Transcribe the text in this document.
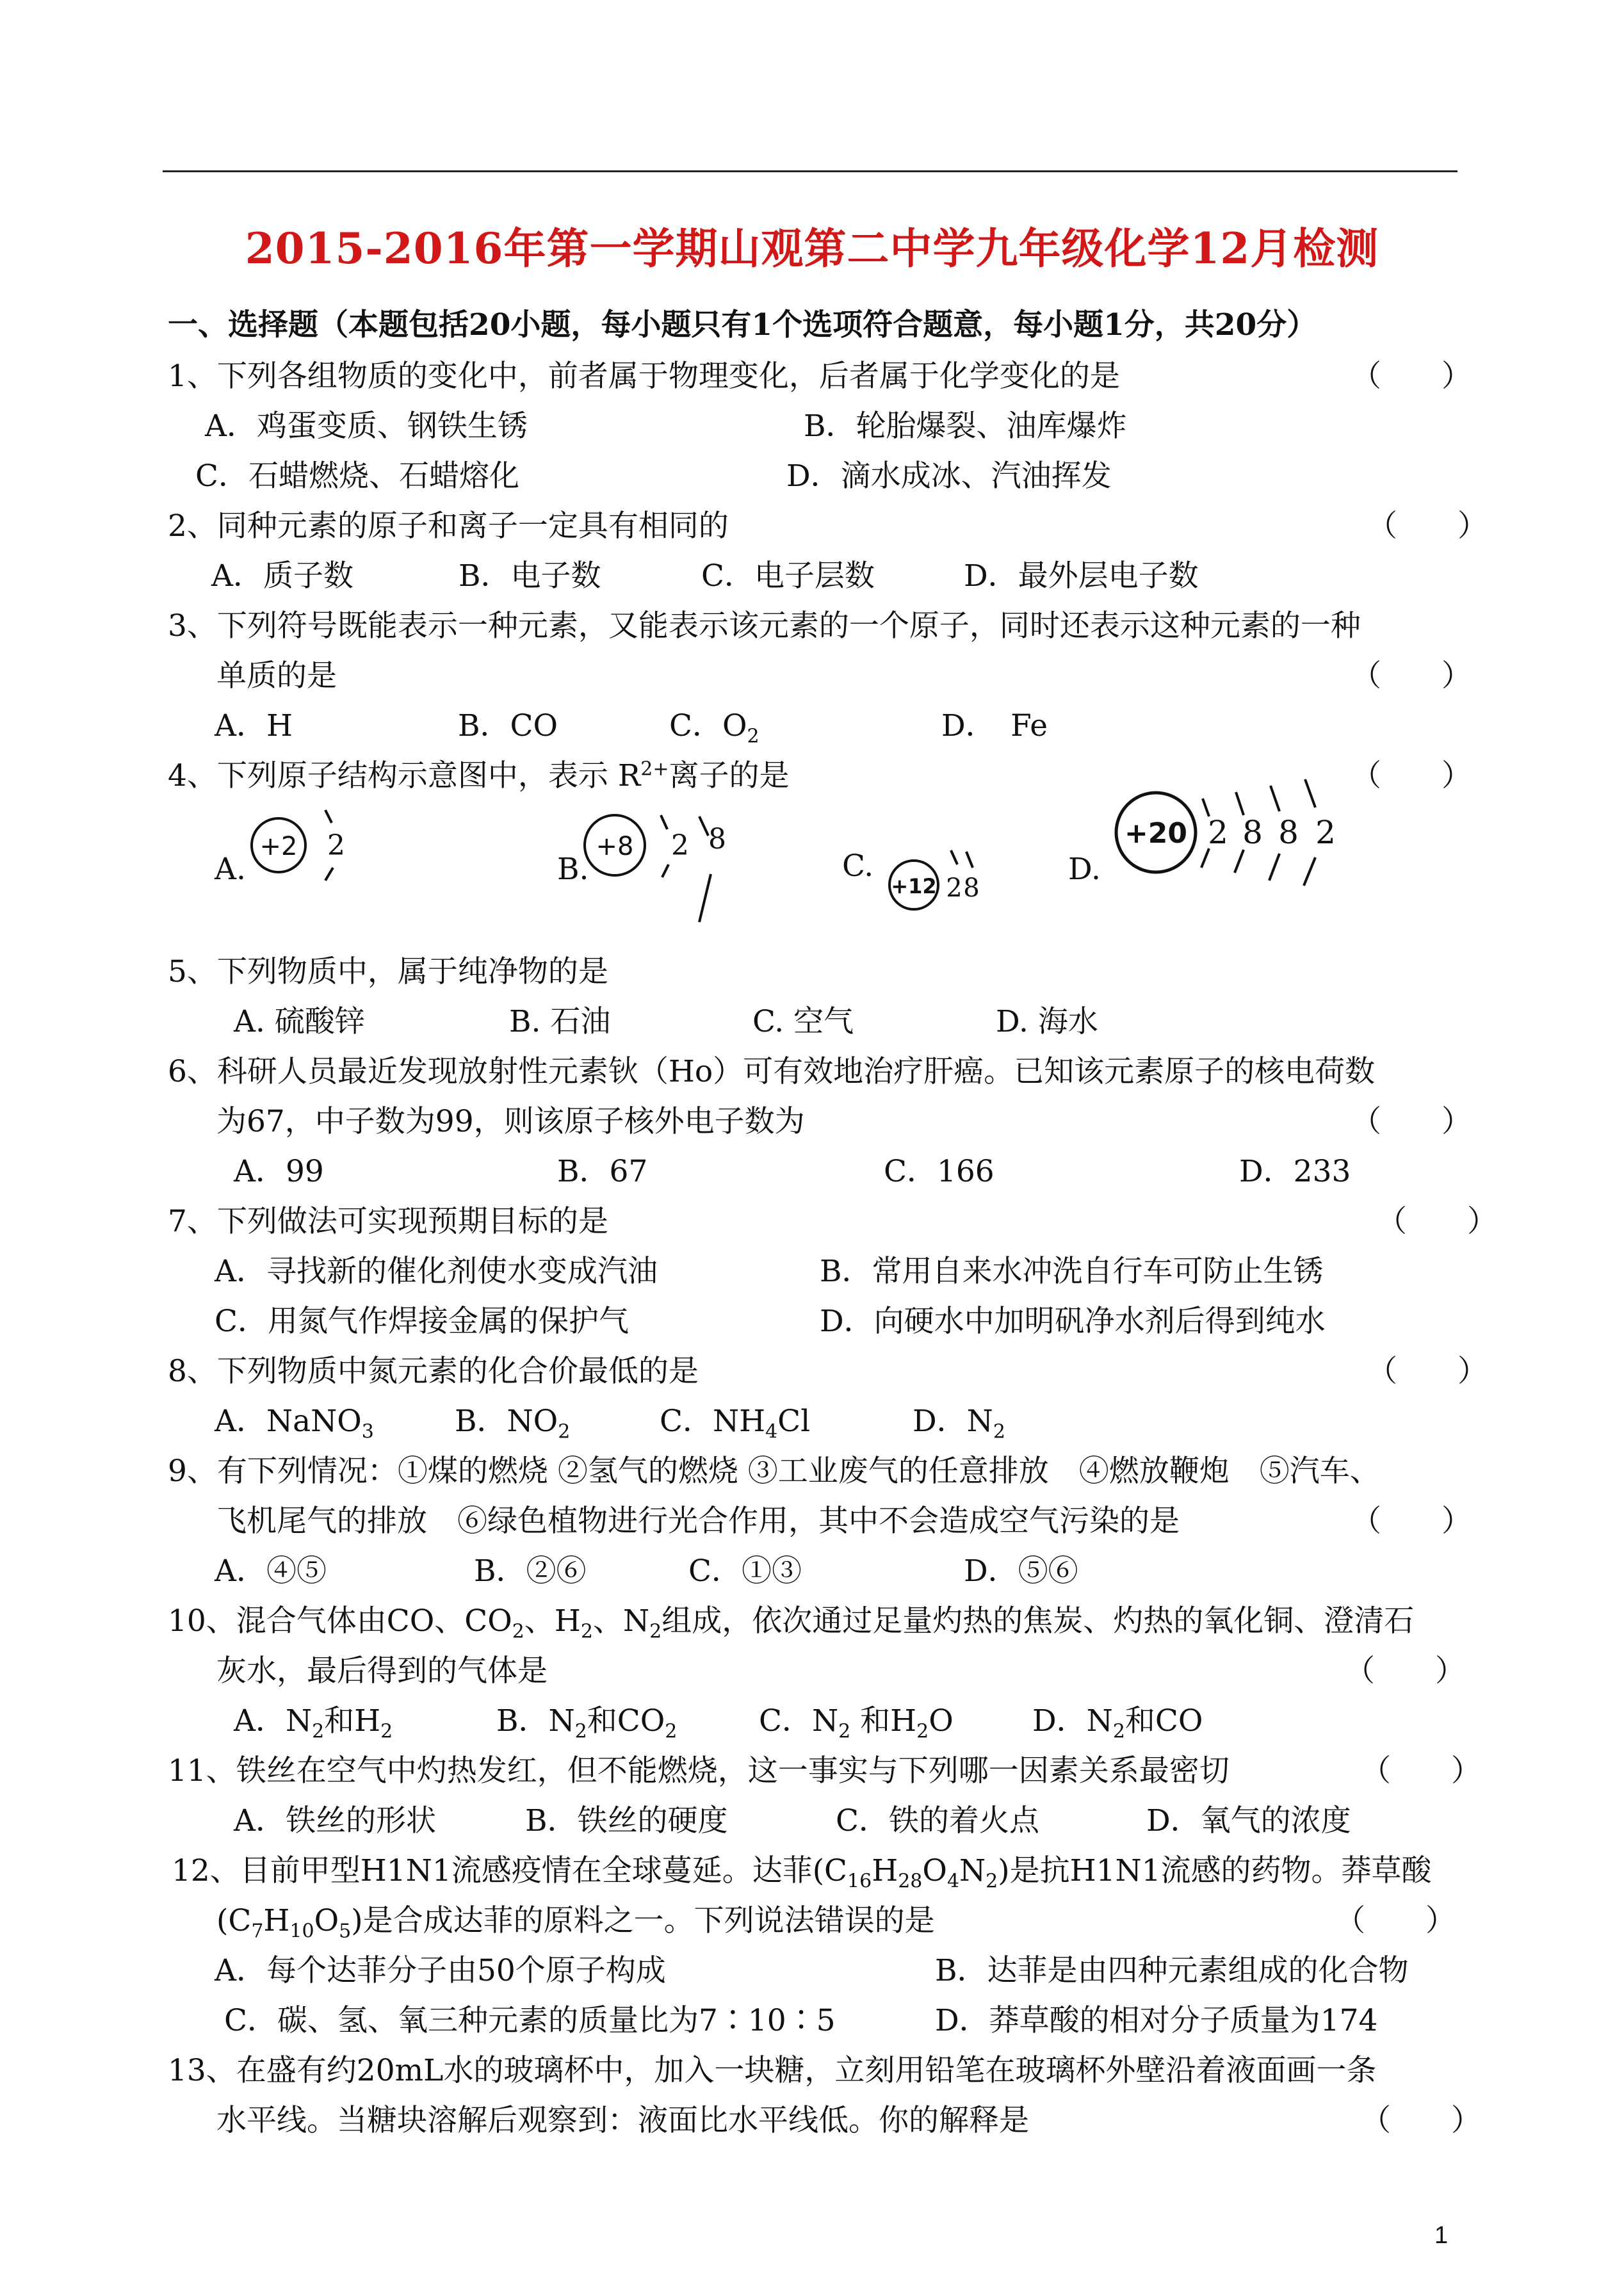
2015-2016年第一学期山观第二中学九年级化学12月检测
一、选择题（本题包括20小题，每小题只有1个选项符合题意，每小题1分，共20分）
1、下列各组物质的变化中，前者属于物理变化，后者属于化学变化的是	（　　）
A．鸡蛋变质、钢铁生锈	B．轮胎爆裂、油库爆炸
C．石蜡燃烧、石蜡熔化	D．滴水成冰、汽油挥发
2、同种元素的原子和离子一定具有相同的	（　　）
A．质子数	B．电子数	C．电子层数	D．最外层电子数
3、下列符号既能表示一种元素，又能表示该元素的一个原子，同时还表示这种元素的一种
单质的是	（　　）
A．H	B．CO	C．$O_2$	D．　Fe
4、下列原子结构示意图中，表示 $R^{2+}$离子的是	（　　）
A.
+2 2
B.
+8 2 8
C.
+12 2 8
D.
+20 2 8 8 2
5、下列物质中，属于纯净物的是
A. 硫酸锌	B. 石油	C. 空气	D. 海水
6、科研人员最近发现放射性元素钬（Ho）可有效地治疗肝癌。已知该元素原子的核电荷数
为67，中子数为99，则该原子核外电子数为	（　　）
A．99	B．67	C．166	D．233
7、下列做法可实现预期目标的是	（　　）
A．寻找新的催化剂使水变成汽油	B．常用自来水冲洗自行车可防止生锈
C．用氮气作焊接金属的保护气	D．向硬水中加明矾净水剂后得到纯水
8、下列物质中氮元素的化合价最低的是	（　　）
A．NaNO$_3$	B．$NO_2$	C．$NH_4Cl$	D．$N_2$
9、有下列情况：①煤的燃烧 ②氢气的燃烧 ③工业废气的任意排放　④燃放鞭炮　⑤汽车、
飞机尾气的排放　⑥绿色植物进行光合作用，其中不会造成空气污染的是	（　　）
A．④⑤	B．②⑥	C．①③	D．⑤⑥
10、混合气体由CO、$CO_2$、$H_2$、$N_2$组成，依次通过足量灼热的焦炭、灼热的氧化铜、澄清石
灰水，最后得到的气体是	（　　）
A．$N_2$和$H_2$	B．$N_2$和$CO_2$	C．$N_2$ 和$H_2O$	D．$N_2$和CO
11、铁丝在空气中灼热发红，但不能燃烧，这一事实与下列哪一因素关系最密切	（　　）
A．铁丝的形状	B．铁丝的硬度	C．铁的着火点	D．氧气的浓度
12、目前甲型H1N1流感疫情在全球蔓延。达菲$(C_{16}H_{28}O_4N_2)$是抗H1N1流感的药物。莽草酸
$(C_7H_{10}O_5)$是合成达菲的原料之一。下列说法错误的是	（　　）
A．每个达菲分子由50个原子构成	B．达菲是由四种元素组成的化合物
C．碳、氢、氧三种元素的质量比为7∶10∶5	D．莽草酸的相对分子质量为174
13、在盛有约20mL水的玻璃杯中，加入一块糖，立刻用铅笔在玻璃杯外壁沿着液面画一条
水平线。当糖块溶解后观察到：液面比水平线低。你的解释是	（　　）
1
